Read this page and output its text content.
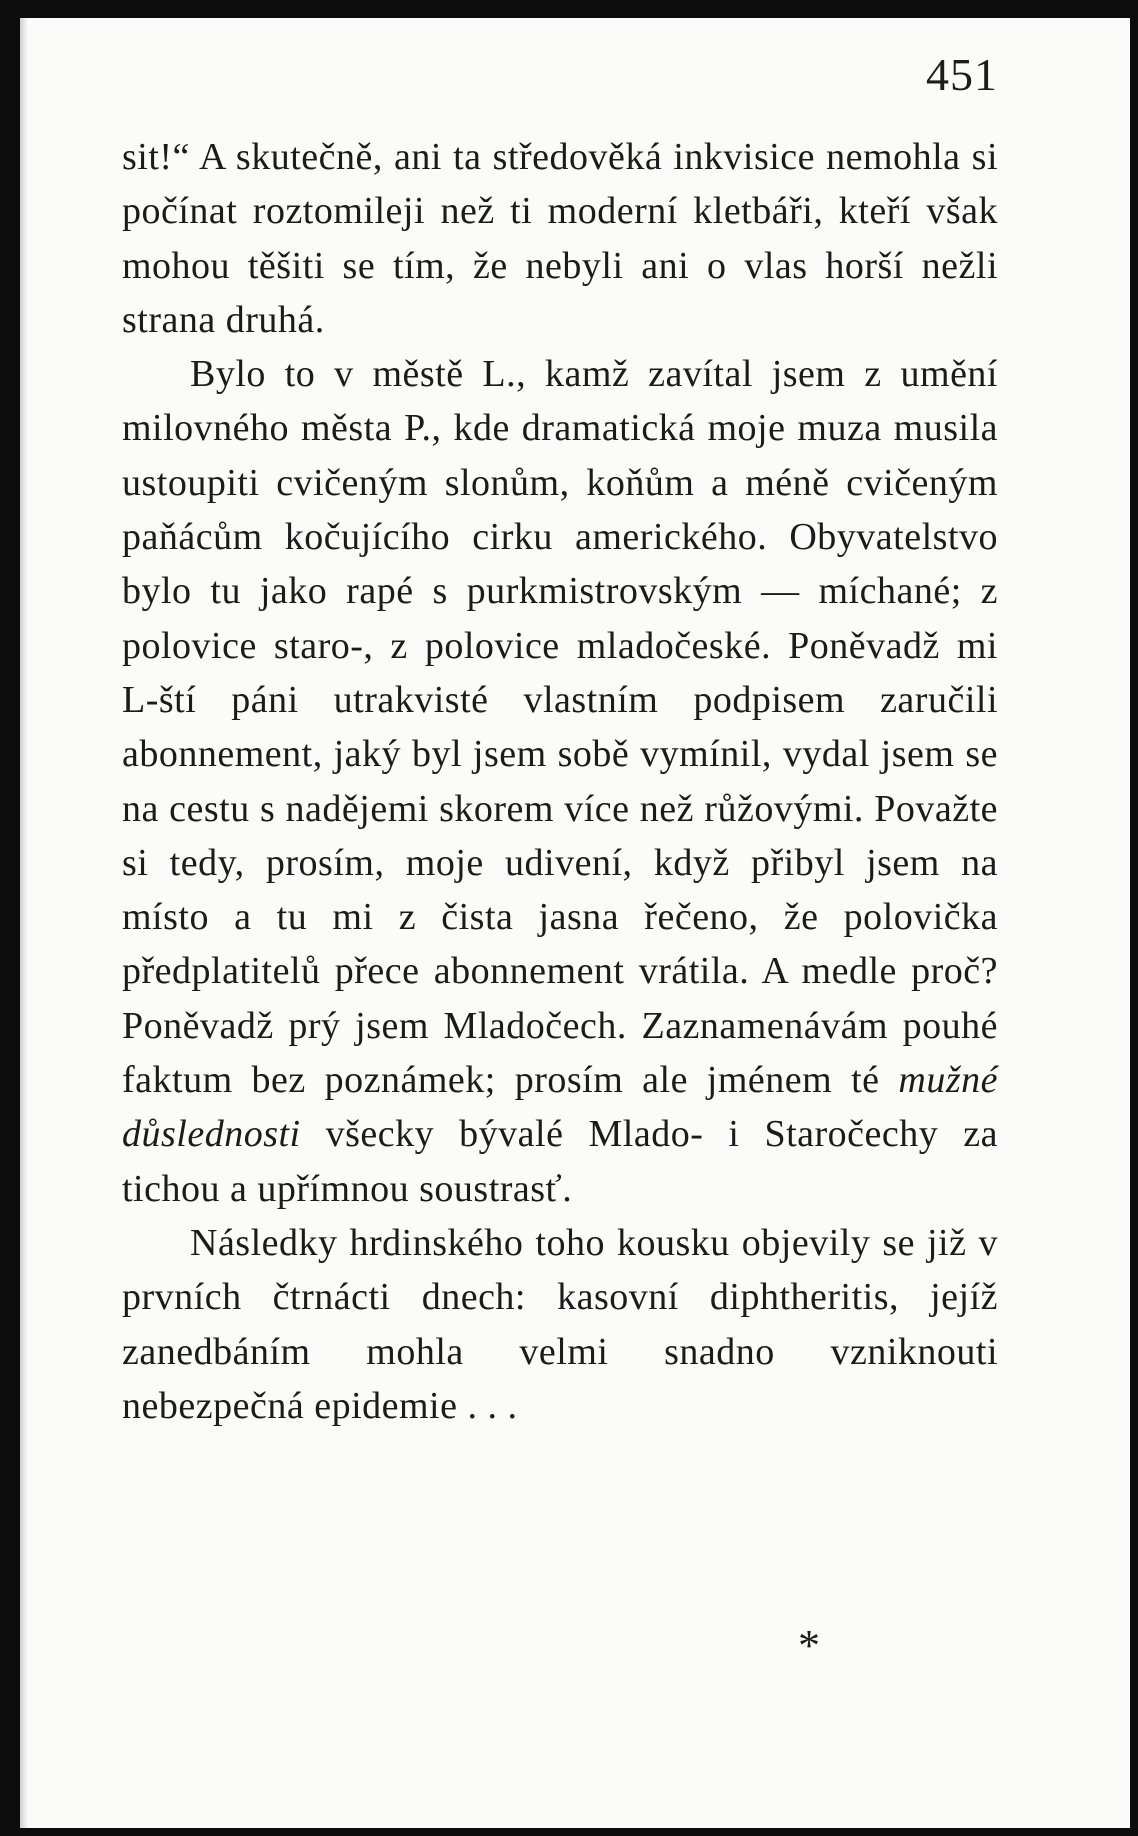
451

sit!“ A skutečně, ani ta středověká inkvisice nemohla si počínat roztomileji než ti moderní kletbáři, kteří však mohou těšiti se tím, že nebyli ani o vlas horší nežli strana druhá.

Bylo to v městě L., kamž zavítal jsem z umění milovného města P., kde dramatická moje muza musila ustoupiti cvičeným slonům, koňům a méně cvičeným paňácům kočujícího cirku amerického. Obyvatelstvo bylo tu jako rapé s purkmistrovským — míchané; z polovice staro-, z polovice mladočeské. Poněvadž mi L-ští páni utrakvisté vlastním podpisem zaručili abonnement, jaký byl jsem sobě vymínil, vydal jsem se na cestu s nadějemi skorem více než růžovými. Považte si tedy, prosím, moje udivení, když přibyl jsem na místo a tu mi z čista jasna řečeno, že polovička předplatitelů přece abonnement vrátila. A medle proč? Poněvadž prý jsem Mladočech. Zaznamenávám pouhé faktum bez poznámek; prosím ale jménem té mužné důslednosti všecky bývalé Mlado- i Staročechy za tichou a upřímnou soustrasť.

Následky hrdinského toho kousku objevily se již v prvních čtrnácti dnech: kasovní diphtheritis, jejíž zanedbáním mohla velmi snadno vzniknouti nebezpečná epidemie . . .

*
